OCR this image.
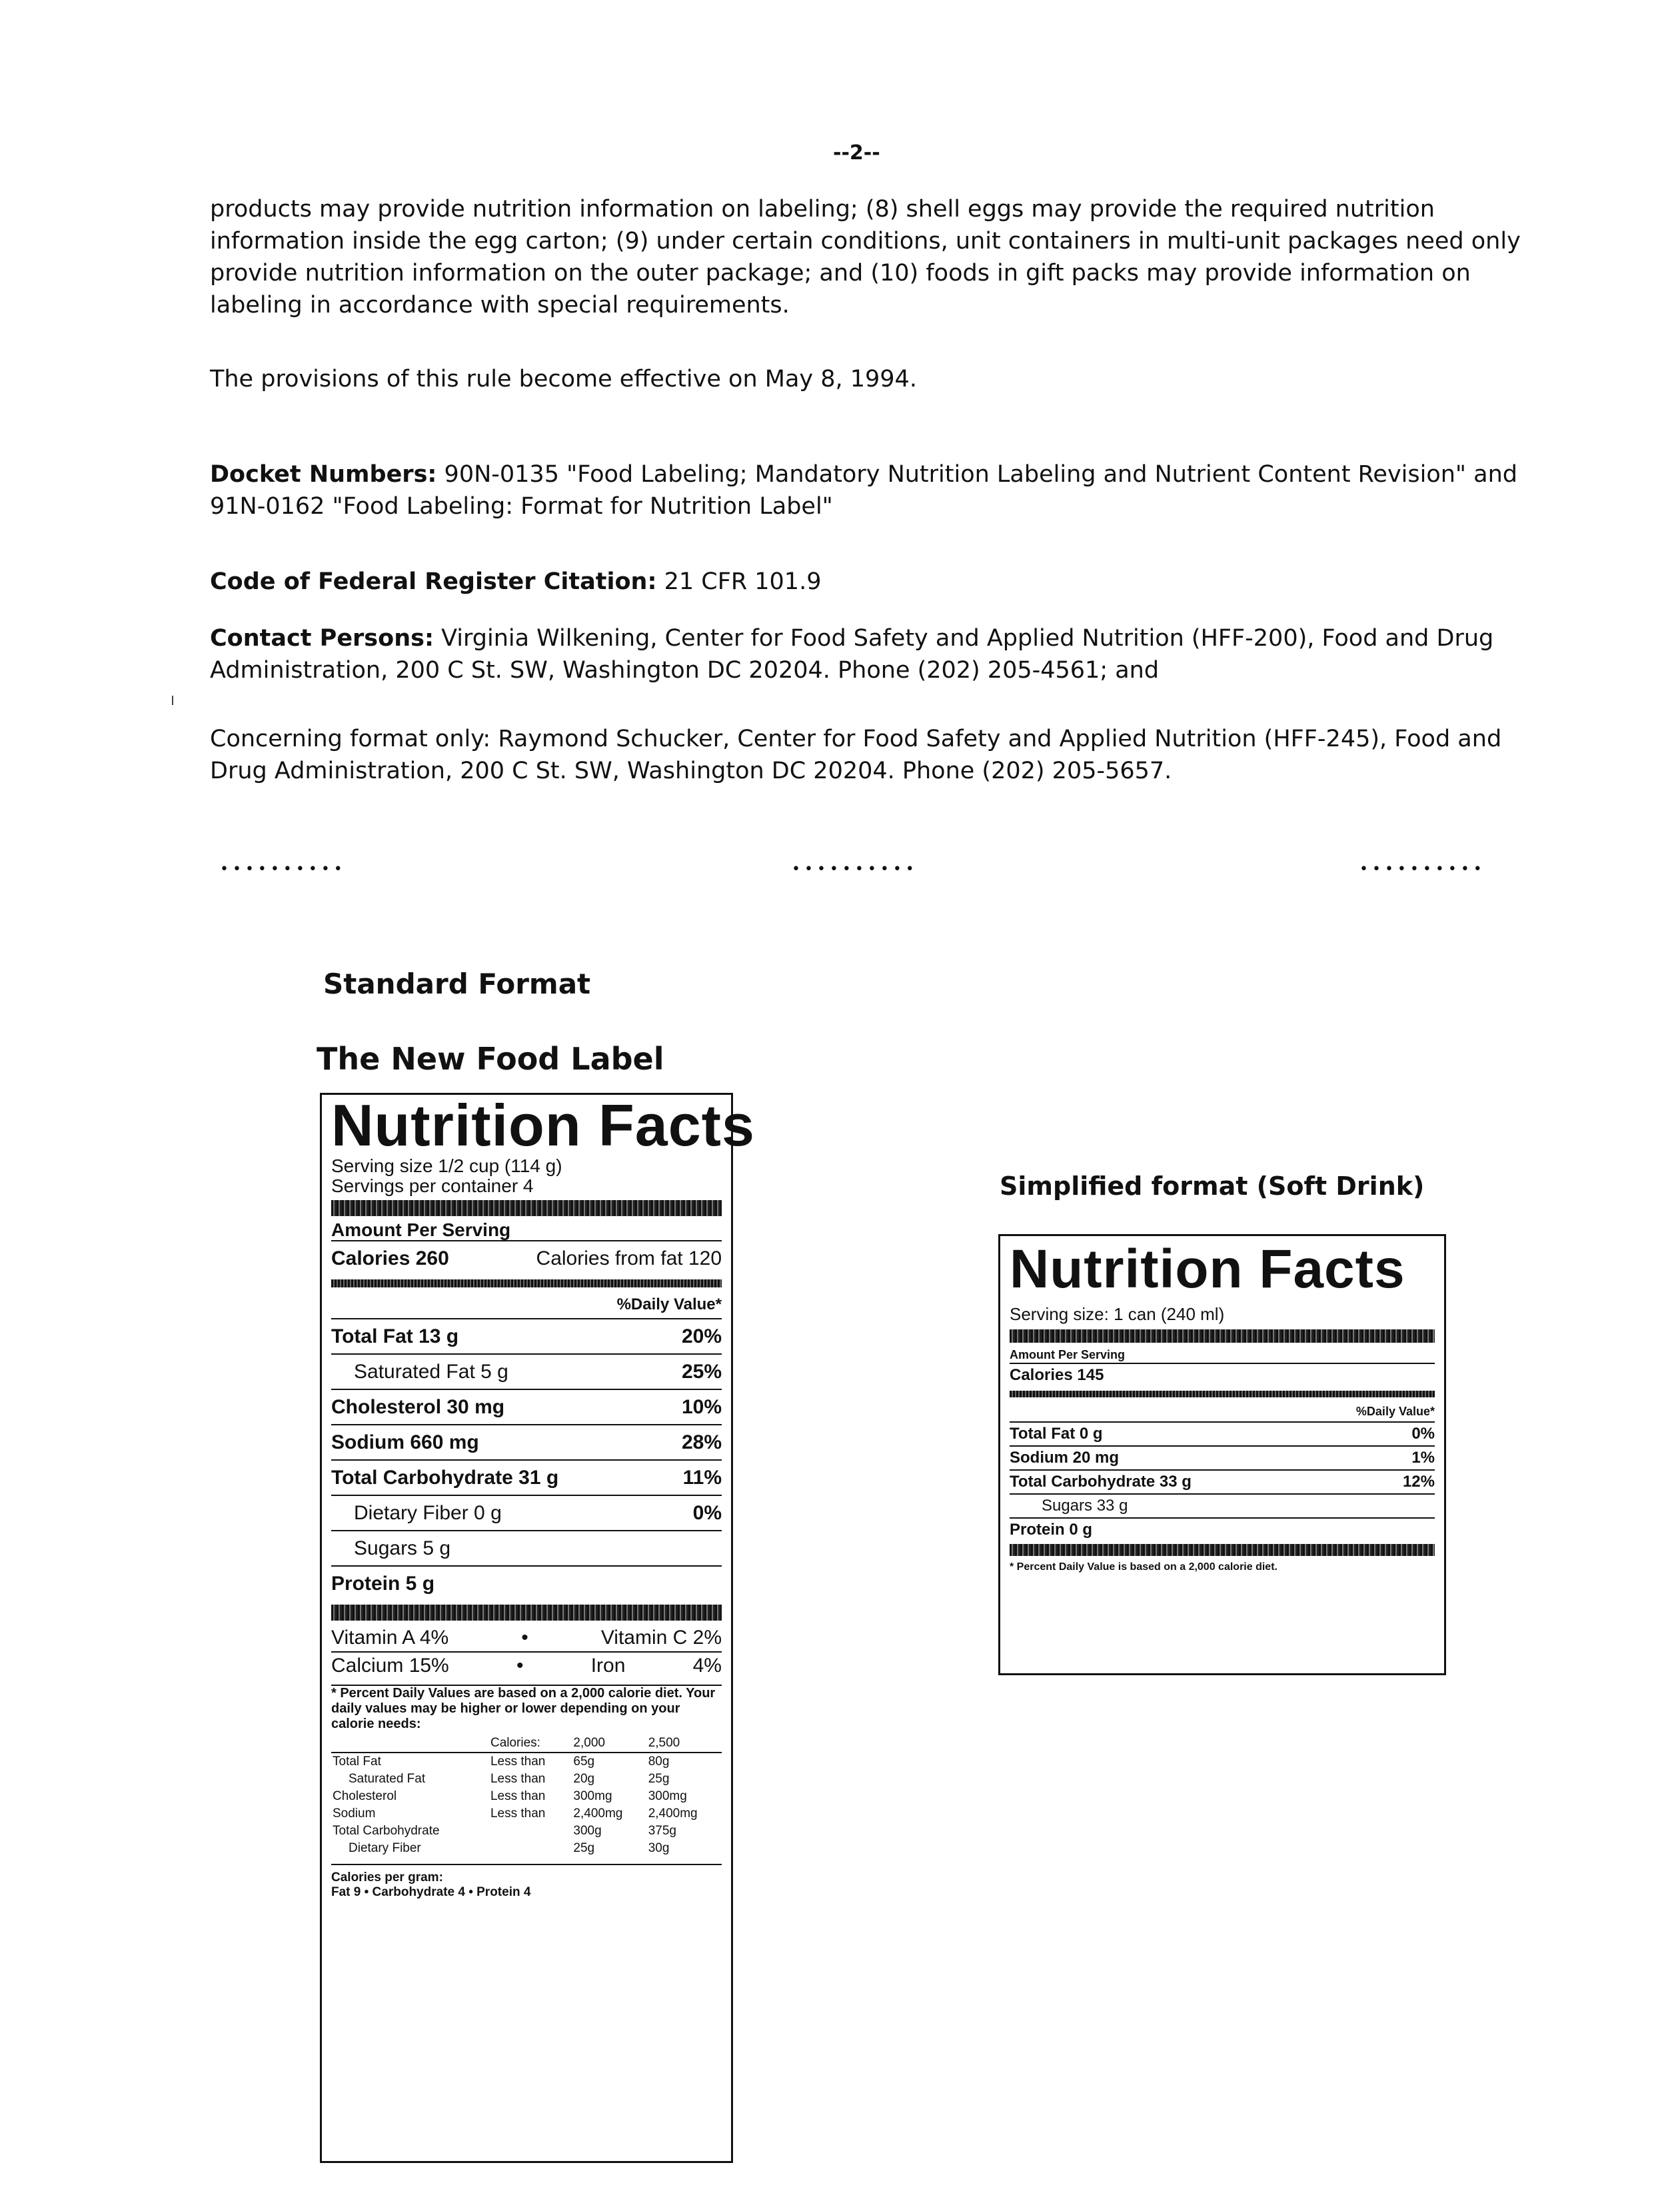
--2--
products may provide nutrition information on labeling; (8) shell eggs may provide the required nutrition information inside the egg carton; (9) under certain conditions, unit containers in multi-unit packages need only provide nutrition information on the outer package; and (10) foods in gift packs may provide information on labeling in accordance with special requirements.
The provisions of this rule become effective on May 8, 1994.
Docket Numbers: 90N-0135 "Food Labeling; Mandatory Nutrition Labeling and Nutrient Content Revision" and 91N-0162 "Food Labeling: Format for Nutrition Label"
Code of Federal Register Citation: 21 CFR 101.9
Contact Persons: Virginia Wilkening, Center for Food Safety and Applied Nutrition (HFF-200), Food and Drug Administration, 200 C St. SW, Washington DC 20204. Phone (202) 205-4561; and
Concerning format only: Raymond Schucker, Center for Food Safety and Applied Nutrition (HFF-245), Food and Drug Administration, 200 C St. SW, Washington DC 20204. Phone (202) 205-5657.
••••••••••	••••••••••	••••••••••
Standard Format
The New Food Label
Simplified format (Soft Drink)
Nutrition Facts
Serving size 1/2 cup (114 g)
Servings per container 4
Amount Per Serving
Calories 260	Calories from fat 120
%Daily Value*
Total Fat 13 g	20%
Saturated Fat 5 g	25%
Cholesterol 30 mg	10%
Sodium 660 mg	28%
Total Carbohydrate 31 g	11%
Dietary Fiber 0 g	0%
Sugars 5 g
Protein 5 g
Vitamin A 4%	•	Vitamin C 2%
Calcium 15%	•	Iron	4%
* Percent Daily Values are based on a 2,000 calorie diet. Your daily values may be higher or lower depending on your calorie needs:
	Calories:	2,000	2,500
Total Fat	Less than	65g	80g
Saturated Fat	Less than	20g	25g
Cholesterol	Less than	300mg	300mg
Sodium	Less than	2,400mg	2,400mg
Total Carbohydrate		300g	375g
Dietary Fiber		25g	30g
Calories per gram:
Fat 9 • Carbohydrate 4 • Protein 4
Nutrition Facts
Serving size: 1 can (240 ml)
Amount Per Serving
Calories 145
%Daily Value*
Total Fat 0 g	0%
Sodium 20 mg	1%
Total Carbohydrate 33 g	12%
Sugars 33 g
Protein 0 g
* Percent Daily Value is based on a 2,000 calorie diet.
